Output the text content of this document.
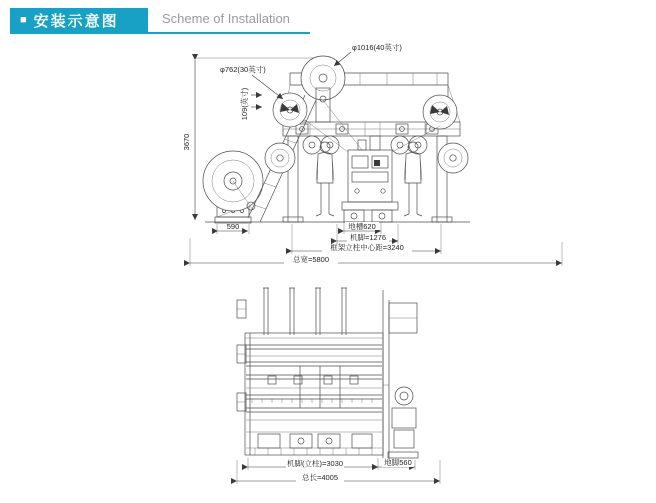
■ 安装示意图	Scheme of Installation
3670
590
φ1016(40英寸)
φ762(30英寸)
109(英寸)
地槽620
机脚=1276
框架立柱中心距=3240
总宽=5800
机脚(立柱)=3030	地脚560
总长=4005
